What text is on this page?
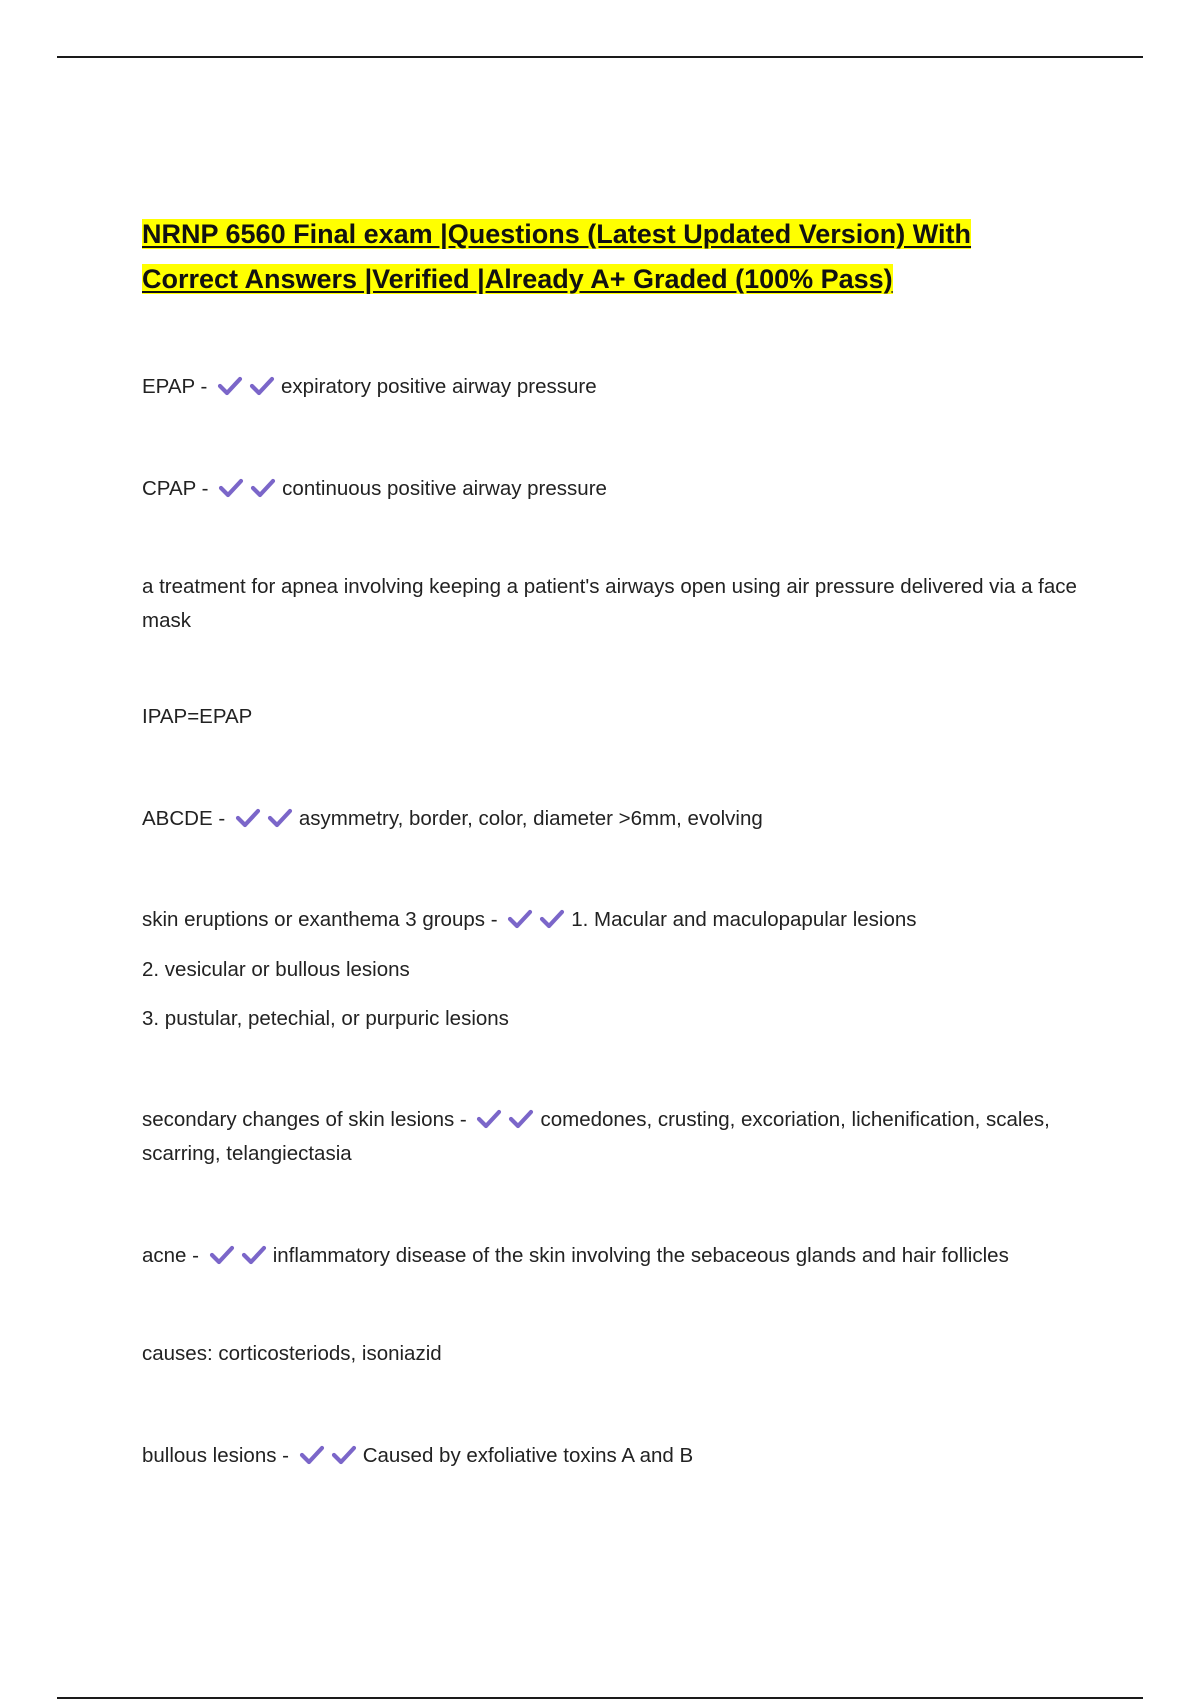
NRNP 6560 Final exam |Questions (Latest Updated Version) With
Correct Answers |Verified |Already A+ Graded (100% Pass)

EPAP -	expiratory positive airway pressure

CPAP -	continuous positive airway pressure

a treatment for apnea involving keeping a patient's airways open using air pressure delivered via a face mask

IPAP=EPAP

ABCDE -	asymmetry, border, color, diameter >6mm, evolving

skin eruptions or exanthema 3 groups -	1. Macular and maculopapular lesions

2. vesicular or bullous lesions

3. pustular, petechial, or purpuric lesions

secondary changes of skin lesions -	comedones, crusting, excoriation, lichenification, scales, scarring, telangiectasia

acne -	inflammatory disease of the skin involving the sebaceous glands and hair follicles

causes: corticosteriods, isoniazid

bullous lesions -	Caused by exfoliative toxins A and B
